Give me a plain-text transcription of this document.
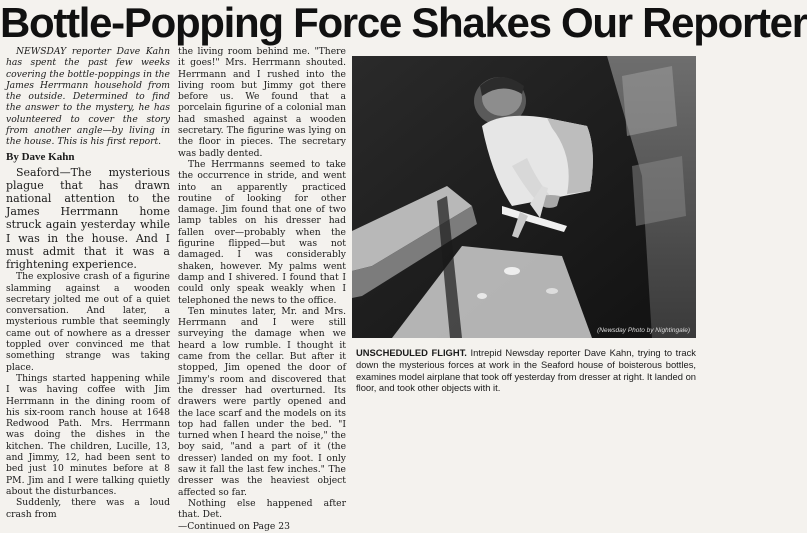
Bottle-Popping Force Shakes Our Reporter

NEWSDAY reporter Dave Kahn has spent the past few weeks covering the bottle-poppings in the James Herrmann household from the outside. Determined to find the answer to the mystery, he has volunteered to cover the story from another angle—by living in the house. This is his first report.

By Dave Kahn

Seaford—The mysterious plague that has drawn national attention to the James Herrmann home struck again yesterday while I was in the house. And I must admit that it was a frightening experience.

The explosive crash of a figurine slamming against a wooden secretary jolted me out of a quiet conversation. And later, a mysterious rumble that seemingly came out of nowhere as a dresser toppled over convinced me that something strange was taking place.

Things started happening while I was having coffee with Jim Herrmann in the dining room of his six-room ranch house at 1648 Redwood Path. Mrs. Herrmann was doing the dishes in the kitchen. The children, Lucille, 13, and Jimmy, 12, had been sent to bed just 10 minutes before at 8 PM. Jim and I were talking quietly about the disturbances.

Suddenly, there was a loud crash from

the living room behind me. "There it goes!" Mrs. Herrmann shouted. Herrmann and I rushed into the living room but Jimmy got there before us. We found that a porcelain figurine of a colonial man had smashed against a wooden secretary. The figurine was lying on the floor in pieces. The secretary was badly dented.

The Herrmanns seemed to take the occurrence in stride, and went into an apparently practiced routine of looking for other damage. Jim found that one of two lamp tables on his dresser had fallen over—probably when the figurine flipped—but was not damaged. I was considerably shaken, however. My palms went damp and I shivered. I found that I could only speak weakly when I telephoned the news to the office.

Ten minutes later, Mr. and Mrs. Herrmann and I were still surveying the damage when we heard a low rumble. I thought it came from the cellar. But after it stopped, Jim opened the door of Jimmy's room and discovered that the dresser had overturned. Its drawers were partly opened and the lace scarf and the models on its top had fallen under the bed. "I turned when I heard the noise," the boy said, "and a part of it (the dresser) landed on my foot. I only saw it fall the last few inches." The dresser was the heaviest object affected so far.

Nothing else happened after that. Det.

—Continued on Page 23

(Newsday Photo by Nightingale)

UNSCHEDULED FLIGHT. Intrepid Newsday reporter Dave Kahn, trying to track down the mysterious forces at work in the Seaford house of boisterous bottles, examines model airplane that took off yesterday from dresser at right. It landed on floor, and took other objects with it.
